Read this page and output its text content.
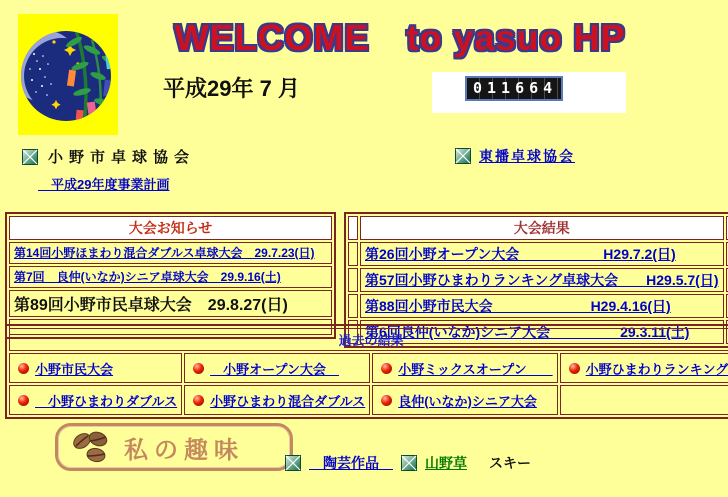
WELCOME　to yasuo HP
平成29年 7 月	011664
小野市卓球協会	東播卓球協会
　平成29年度事業計画
大会お知らせ
第14回小野ほまわり混合ダブルス卓球大会　29.7.23(日)
第7回　良仲(いなか)シニア卓球大会　29.9.16(土)
第89回小野市民卓球大会　29.8.27(日)

	大会結果	
	第26回小野オープン大会　　　　　　H29.7.2(日)	
	第57回小野ひまわりランキング卓球大会　　H29.5.7(日)	
	第88回小野市民大会　　　　　　　H29.4.16(日)	
	第6回良仲(いなか)シニア大会　　　　　29.3.11(土)	
過去の結果			

小野市民大会	　小野オープン大会　	小野ミックスオープン　　	小野ひまわりランキング

　小野ひまわりダブルス	小野ひまわり混合ダブルス	良仲(いなか)シニア大会	

私の趣味	　陶芸作品　 山野草 スキー
